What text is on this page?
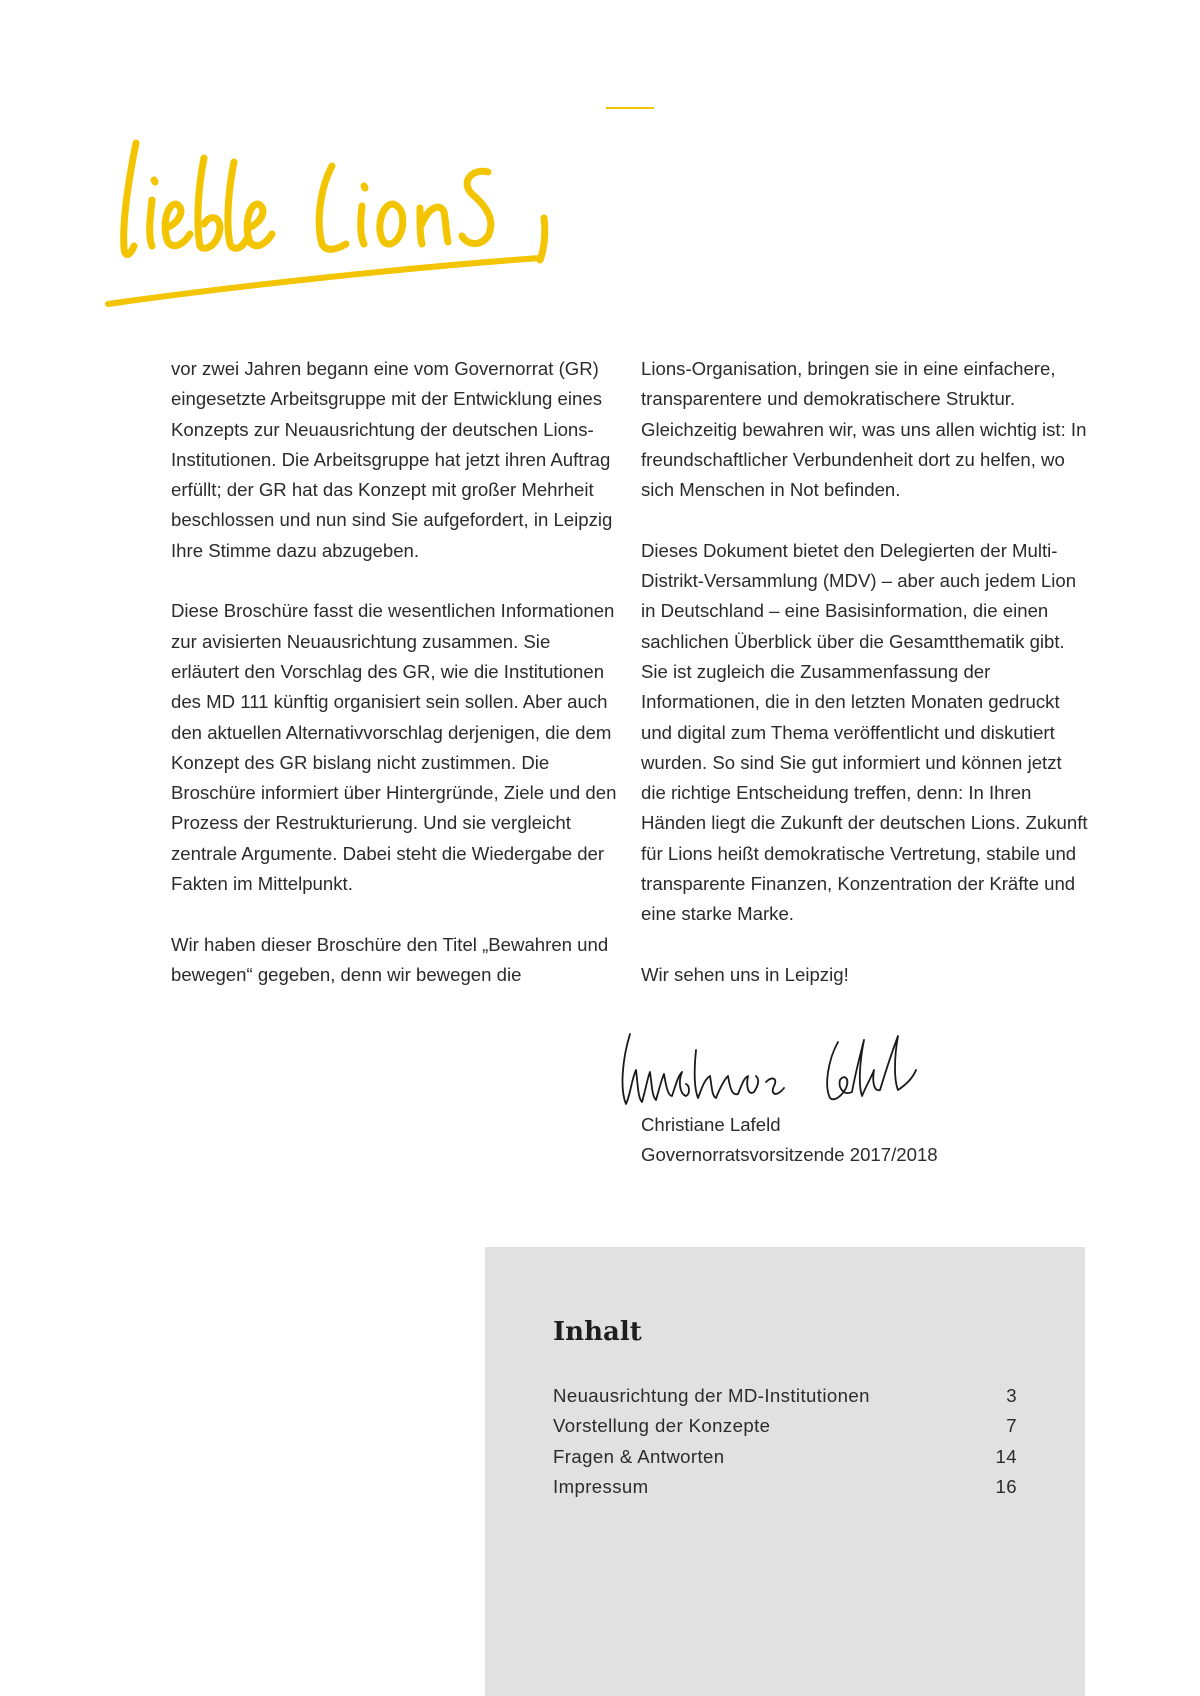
vor zwei Jahren begann eine vom Governorrat (GR) eingesetzte Arbeitsgruppe mit der Entwicklung eines Konzepts zur Neuausrichtung der deutschen Lions-Institutionen. Die Arbeitsgruppe hat jetzt ihren Auftrag erfüllt; der GR hat das Konzept mit großer Mehrheit beschlossen und nun sind Sie aufgefordert, in Leipzig Ihre Stimme dazu abzugeben.

Diese Broschüre fasst die wesentlichen Informationen zur avisierten Neuausrichtung zusammen. Sie erläutert den Vorschlag des GR, wie die Institutionen des MD 111 künftig organisiert sein sollen. Aber auch den aktuellen Alternativvorschlag derjenigen, die dem Konzept des GR bislang nicht zustimmen. Die Broschüre informiert über Hintergründe, Ziele und den Prozess der Restrukturierung. Und sie vergleicht zentrale Argumente. Dabei steht die Wiedergabe der Fakten im Mittelpunkt.

Wir haben dieser Broschüre den Titel „Bewahren und bewegen“ gegeben, denn wir bewegen die

Lions-Organisation, bringen sie in eine einfachere, transparentere und demokratischere Struktur. Gleichzeitig bewahren wir, was uns allen wichtig ist: In freundschaftlicher Verbundenheit dort zu helfen, wo sich Menschen in Not befinden.

Dieses Dokument bietet den Delegierten der Multi-Distrikt-Versammlung (MDV) – aber auch jedem Lion in Deutschland – eine Basisinformation, die einen sachlichen Überblick über die Gesamtthematik gibt. Sie ist zugleich die Zusammenfassung der Informationen, die in den letzten Monaten gedruckt und digital zum Thema veröffentlicht und diskutiert wurden. So sind Sie gut informiert und können jetzt die richtige Entscheidung treffen, denn: In Ihren Händen liegt die Zukunft der deutschen Lions. Zukunft für Lions heißt demokratische Vertretung, stabile und transparente Finanzen, Konzentration der Kräfte und eine starke Marke.

Wir sehen uns in Leipzig!

Christiane Lafeld
Governorratsvorsitzende 2017/2018
Inhalt
Neuausrichtung der MD-Institutionen	3
Vorstellung der Konzepte	7
Fragen & Antworten	14
Impressum	16
